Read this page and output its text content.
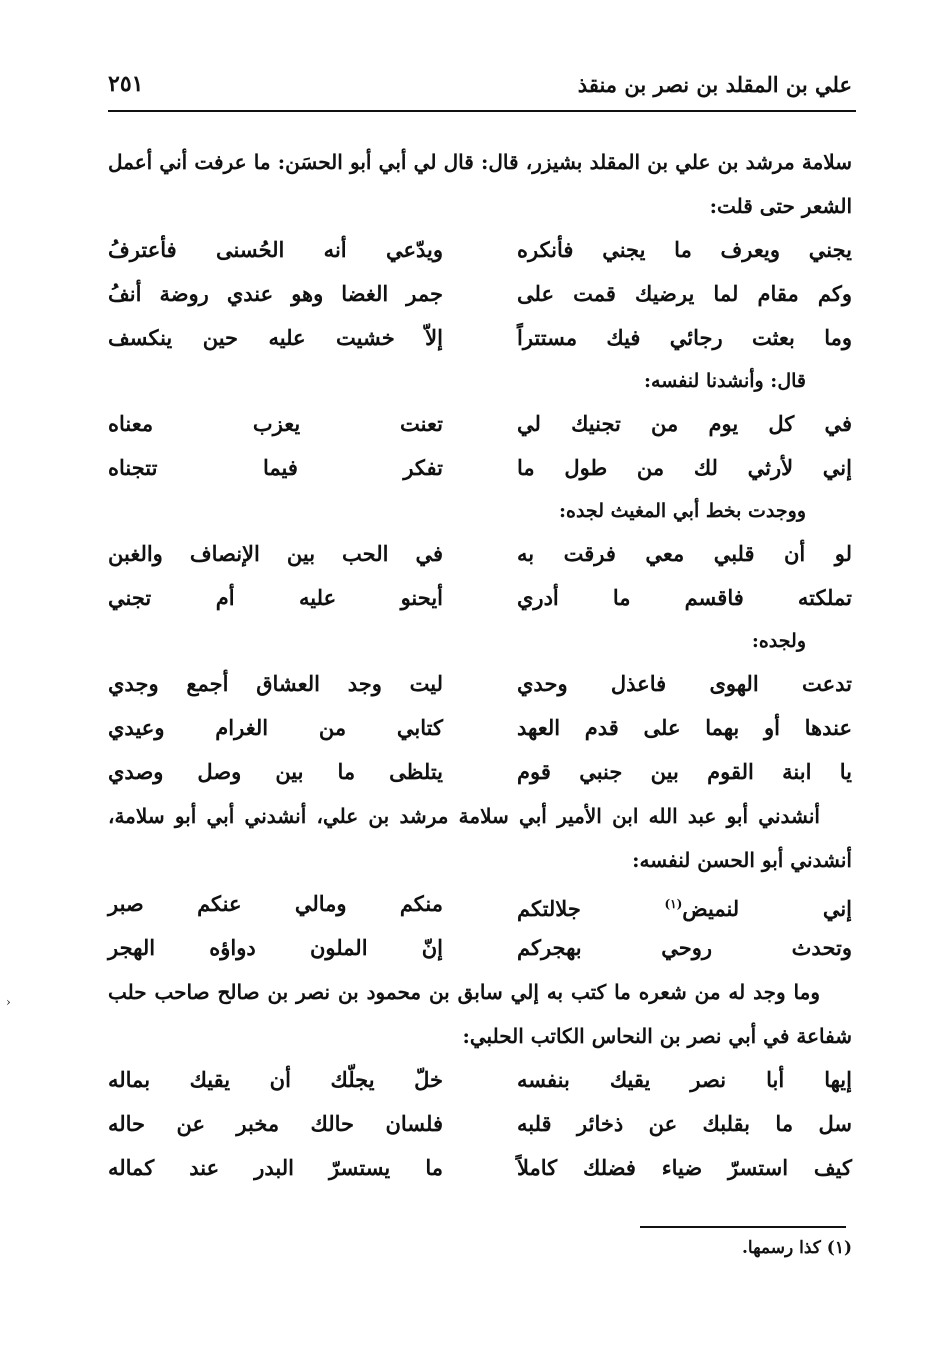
علي بن المقلد بن نصر بن منقذ
٢٥١

سلامة مرشد بن علي بن المقلد بشيزر، قال: قال لي أبي أبو الحسَن: ما عرفت أني أعمل الشعر حتى قلت:

يجني ويعرف ما يجني فأنكره
ويدّعي أنه الحُسنى فأعترفُ
وكم مقام لما يرضيك قمت على
جمر الغضا وهو عندي روضة أنفُ
وما بعثت رجائي فيك مستتراً
إلاّ خشيت عليه حين ينكسف

قال: وأنشدنا لنفسه:

في كل يوم من تجنيك لي
تعنت يعزب معناه
إني لأرثي لك من طول ما
تفكر فيما تتجناه

ووجدت بخط أبي المغيث لجده:

لو أن قلبي معي فرقت به
في الحب بين الإنصاف والغبن
تملكته فاقسم ما أدري
أيحنو عليه أم تجني

ولجده:

تدعت الهوى فاعذل وحدي
ليت وجد العشاق أجمع وجدي
عندها أو بهما على قدم العهد
كتابي من الغرام وعيدي
يا ابنة القوم بين جنبي قوم
يتلظى ما بين وصل وصدي

أنشدني أبو عبد الله ابن الأمير أبي سلامة مرشد بن علي، أنشدني أبي أبو سلامة، أنشدني أبو الحسن لنفسه:

إني لنميض$^{(١)}$ جلالتكم
منكم ومالي عنكم صبر
وتحدث روحي بهجركم
إنّ الملون دواؤه الهجر

وما وجد له من شعره ما كتب به إلي سابق بن محمود بن نصر بن صالح صاحب حلب شفاعة في أبي نصر بن النحاس الكاتب الحلبي:

إيها أبا نصر يقيك بنفسه
خلّ يجلّك أن يقيك بماله
سل ما بقلبك عن ذخائر قلبه
فلسان حالك مخبر عن حاله
كيف استسرّ ضياء فضلك كاملاً
ما يستسرّ البدر عند كماله
(١) كذا رسمها.
›
